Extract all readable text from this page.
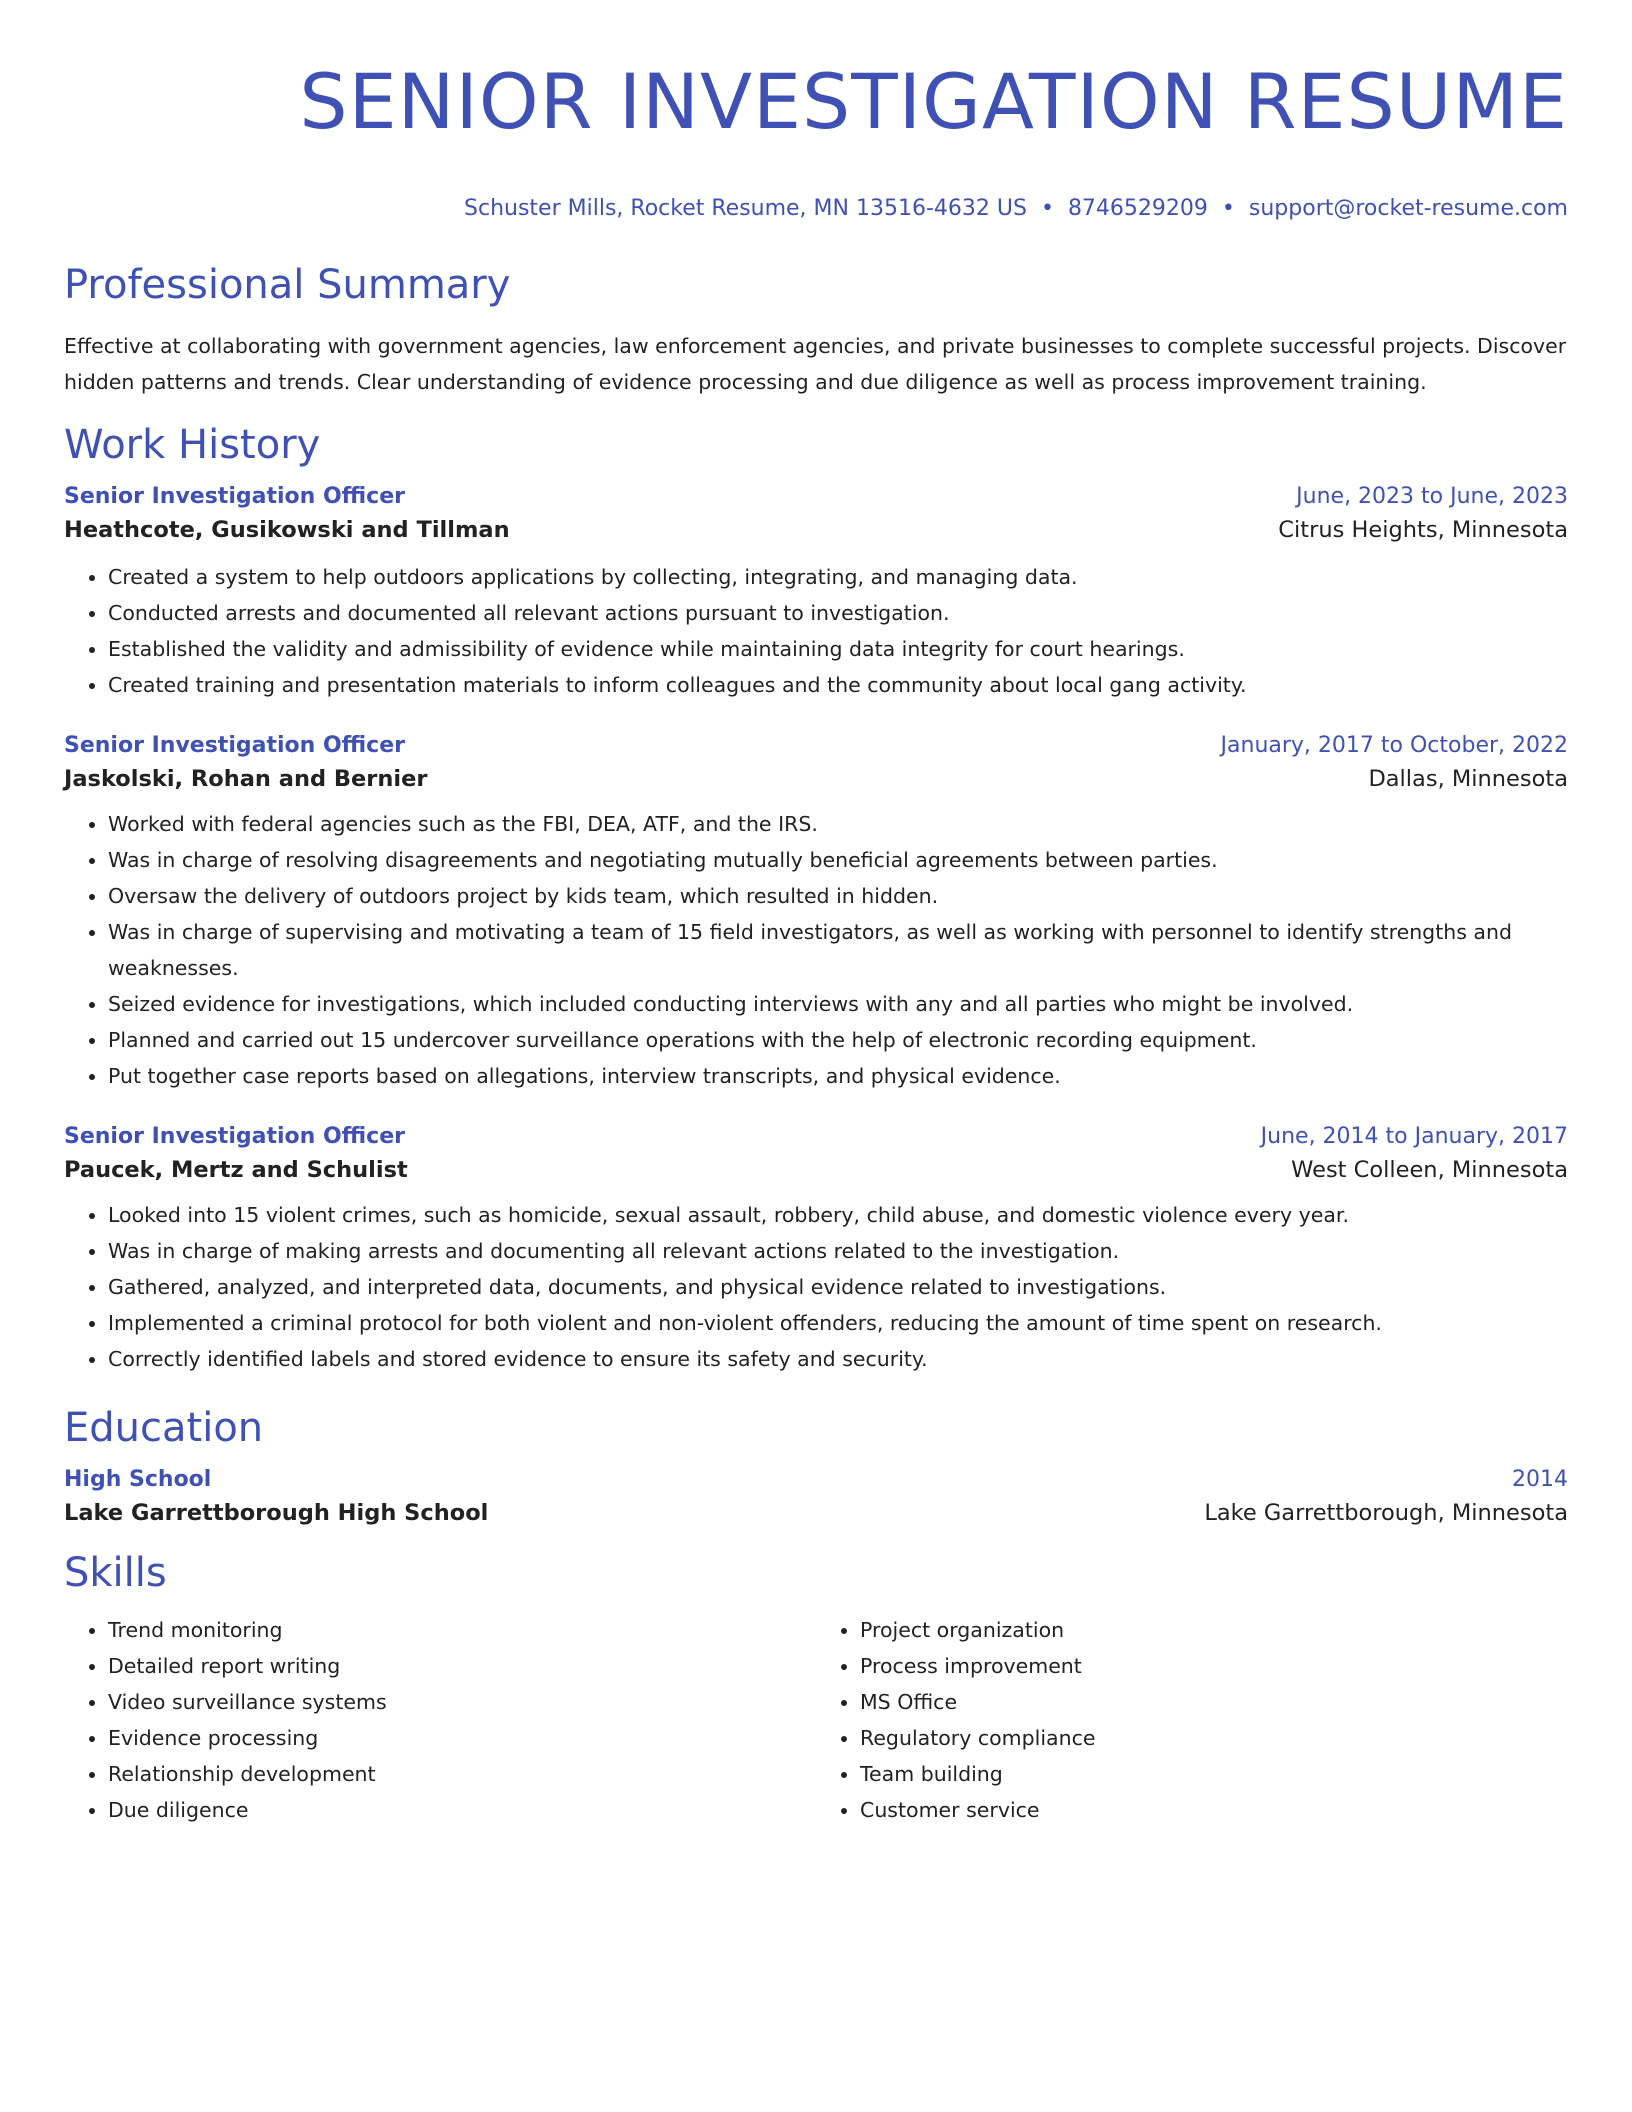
SENIOR INVESTIGATION RESUME
Schuster Mills, Rocket Resume, MN 13516-4632 US • 8746529209 • support@rocket-resume.com
Professional Summary

Effective at collaborating with government agencies, law enforcement agencies, and private businesses to complete successful projects. Discover hidden patterns and trends. Clear understanding of evidence processing and due diligence as well as process improvement training.

Work History
Senior Investigation Officer	June, 2023 to June, 2023
Heathcote, Gusikowski and Tillman	Citrus Heights, Minnesota
• Created a system to help outdoors applications by collecting, integrating, and managing data.
• Conducted arrests and documented all relevant actions pursuant to investigation.
• Established the validity and admissibility of evidence while maintaining data integrity for court hearings.
• Created training and presentation materials to inform colleagues and the community about local gang activity.
Senior Investigation Officer	January, 2017 to October, 2022
Jaskolski, Rohan and Bernier	Dallas, Minnesota
• Worked with federal agencies such as the FBI, DEA, ATF, and the IRS.
• Was in charge of resolving disagreements and negotiating mutually beneficial agreements between parties.
• Oversaw the delivery of outdoors project by kids team, which resulted in hidden.
• Was in charge of supervising and motivating a team of 15 field investigators, as well as working with personnel to identify strengths and weaknesses.
• Seized evidence for investigations, which included conducting interviews with any and all parties who might be involved.
• Planned and carried out 15 undercover surveillance operations with the help of electronic recording equipment.
• Put together case reports based on allegations, interview transcripts, and physical evidence.
Senior Investigation Officer	June, 2014 to January, 2017
Paucek, Mertz and Schulist	West Colleen, Minnesota
• Looked into 15 violent crimes, such as homicide, sexual assault, robbery, child abuse, and domestic violence every year.
• Was in charge of making arrests and documenting all relevant actions related to the investigation.
• Gathered, analyzed, and interpreted data, documents, and physical evidence related to investigations.
• Implemented a criminal protocol for both violent and non-violent offenders, reducing the amount of time spent on research.
• Correctly identified labels and stored evidence to ensure its safety and security.
Education
High School	2014
Lake Garrettborough High School	Lake Garrettborough, Minnesota
Skills
• Trend monitoring
• Detailed report writing
• Video surveillance systems
• Evidence processing
• Relationship development
• Due diligence
• Project organization
• Process improvement
• MS Office
• Regulatory compliance
• Team building
• Customer service
